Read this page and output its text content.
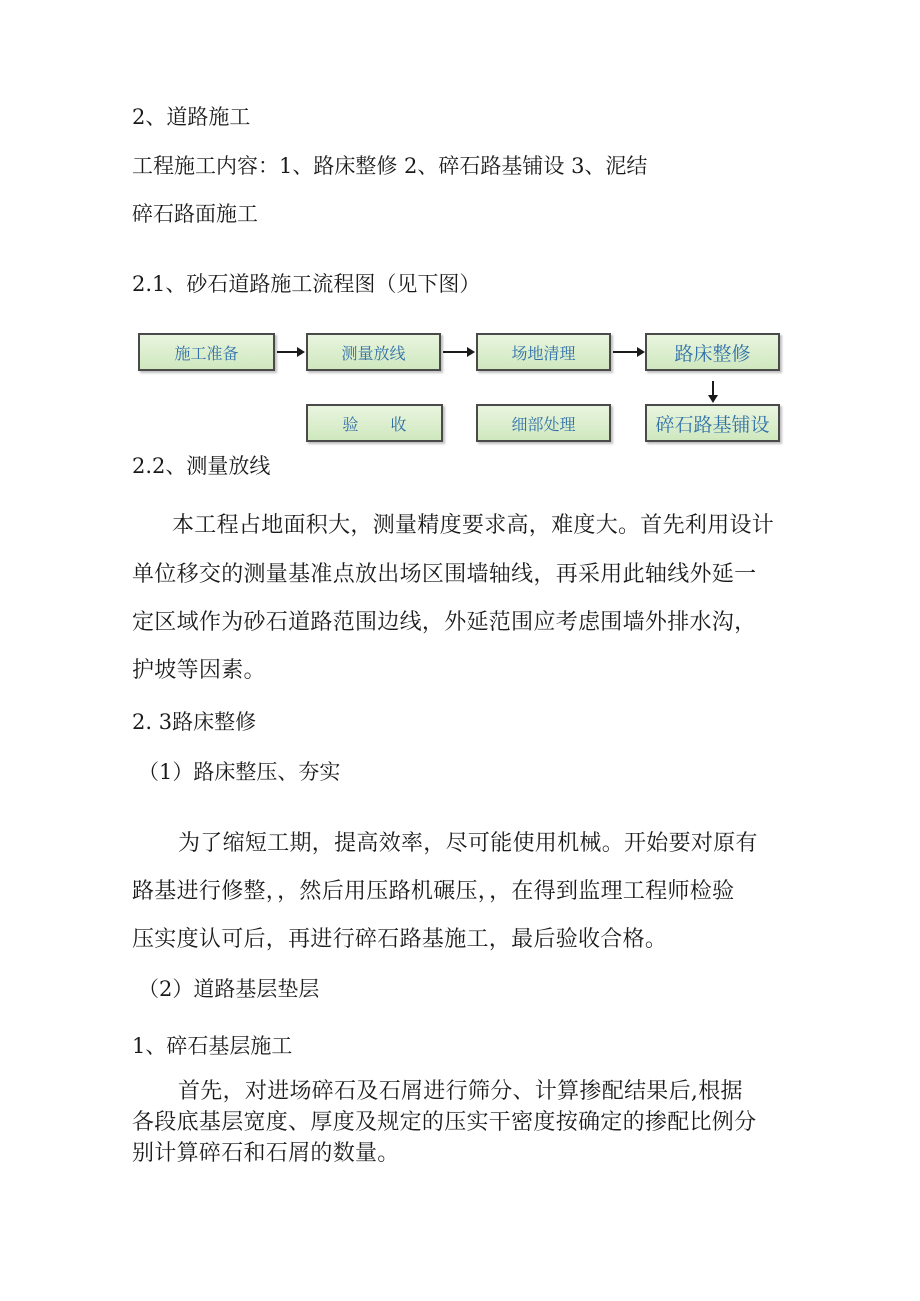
2、道路施工
工程施工内容：1、路床整修 2、碎石路基铺设 3、泥结
碎石路面施工
2.1、砂石道路施工流程图（见下图）
施工准备	测量放线	场地清理	路床整修
验　　收	细部处理	碎石路基铺设
2.2、测量放线
本工程占地面积大，测量精度要求高，难度大。首先利用设计
单位移交的测量基准点放出场区围墙轴线，再采用此轴线外延一
定区域作为砂石道路范围边线，外延范围应考虑围墙外排水沟，
护坡等因素。
2. 3路床整修
（1）路床整压、夯实
为了缩短工期，提高效率，尽可能使用机械。开始要对原有
路基进行修整，，然后用压路机碾压，，在得到监理工程师检验
压实度认可后，再进行碎石路基施工，最后验收合格。
（2）道路基层垫层
1、碎石基层施工
首先，对进场碎石及石屑进行筛分、计算掺配结果后,根据
各段底基层宽度、厚度及规定的压实干密度按确定的掺配比例分
别计算碎石和石屑的数量。
